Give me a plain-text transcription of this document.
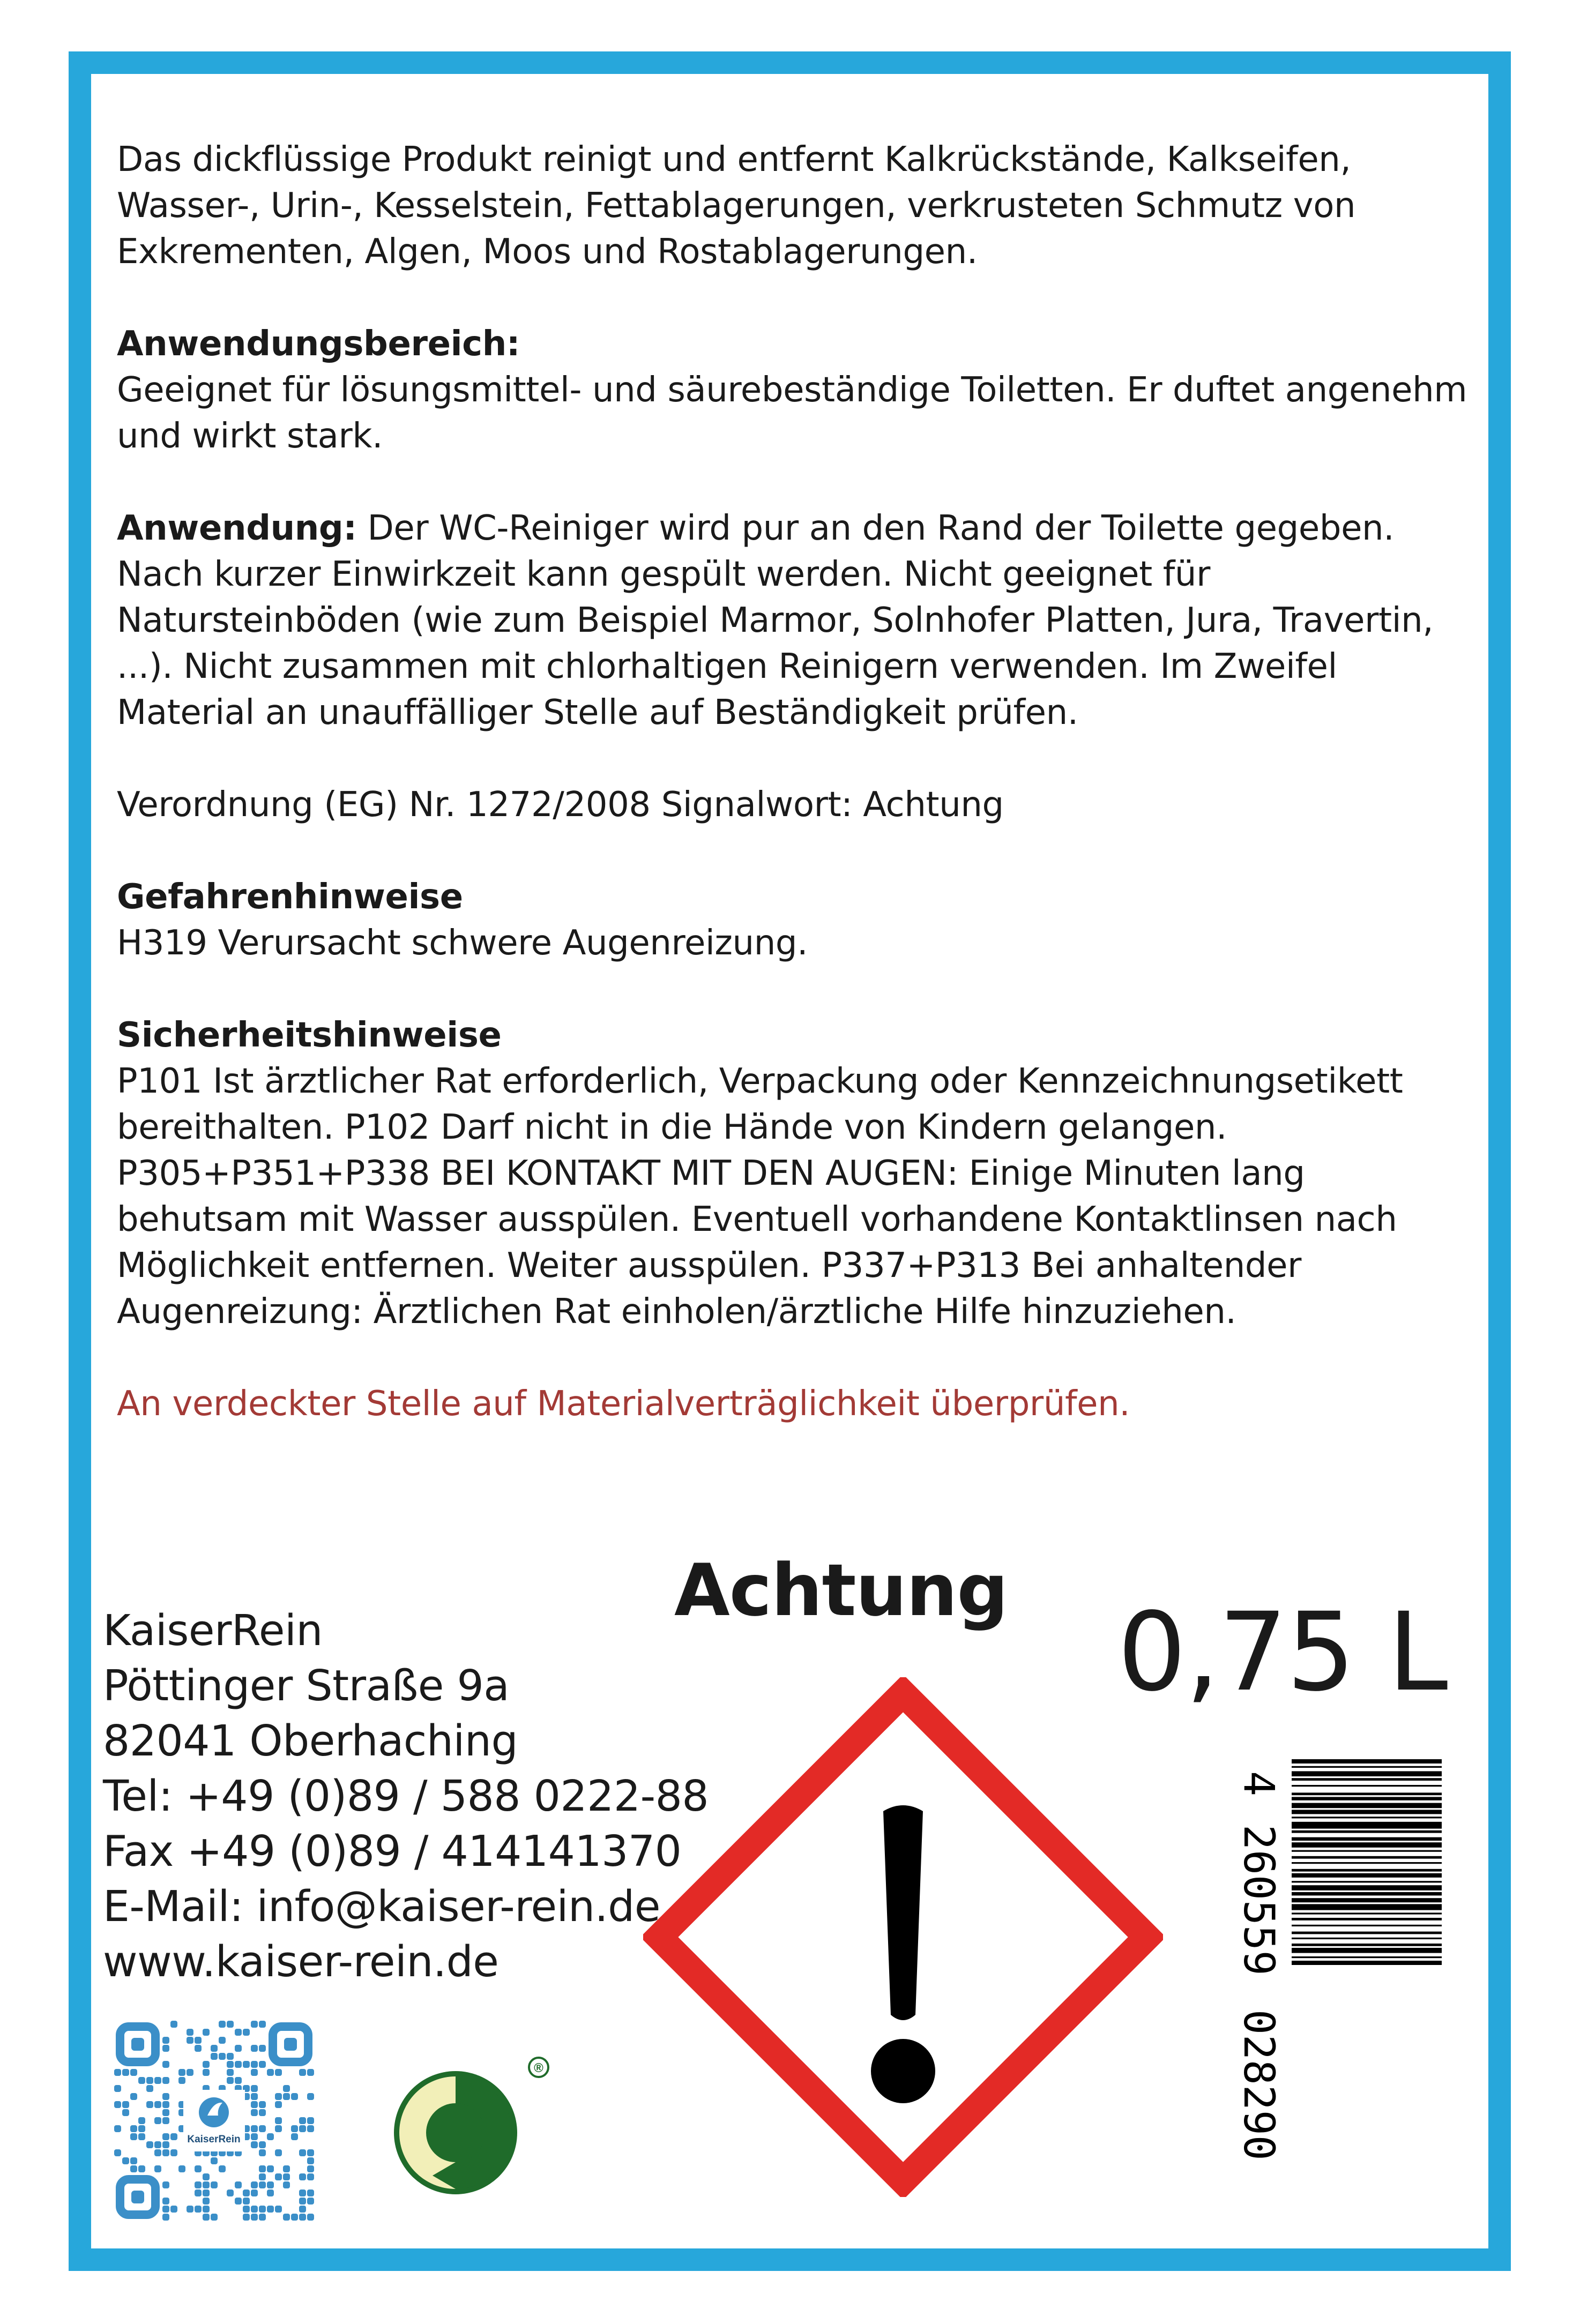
Das dickflüssige Produkt reinigt und entfernt Kalkrückstände, Kalkseifen, Wasser-, Urin-, Kesselstein, Fettablagerungen, verkrusteten Schmutz von Exkrementen, Algen, Moos und Rostablagerungen.

Anwendungsbereich:
Geeignet für lösungsmittel- und säurebeständige Toiletten. Er duftet angenehm und wirkt stark.

Anwendung: Der WC-Reiniger wird pur an den Rand der Toilette gegeben. Nach kurzer Einwirkzeit kann gespült werden. Nicht geeignet für Natursteinböden (wie zum Beispiel Marmor, Solnhofer Platten, Jura, Travertin, ...). Nicht zusammen mit chlorhaltigen Reinigern verwenden. Im Zweifel Material an unauffälliger Stelle auf Beständigkeit prüfen.

Verordnung (EG) Nr. 1272/2008 Signalwort: Achtung

Gefahrenhinweise
H319 Verursacht schwere Augenreizung.

Sicherheitshinweise
P101 Ist ärztlicher Rat erforderlich, Verpackung oder Kennzeichnungsetikett bereithalten. P102 Darf nicht in die Hände von Kindern gelangen. P305+P351+P338 BEI KONTAKT MIT DEN AUGEN: Einige Minuten lang behutsam mit Wasser ausspülen. Eventuell vorhandene Kontaktlinsen nach Möglichkeit entfernen. Weiter ausspülen. P337+P313 Bei anhaltender Augenreizung: Ärztlichen Rat einholen/ärztliche Hilfe hinzuziehen.

An verdeckter Stelle auf Materialverträglichkeit überprüfen.

Achtung 0,75 L
KaiserRein
Pöttinger Straße 9a
82041 Oberhaching
Tel: +49 (0)89 / 588 0222-88
Fax +49 (0)89 / 414141370
E-Mail: info@kaiser-rein.de
www.kaiser-rein.de
KaiserRein
®
4
260559
028290
